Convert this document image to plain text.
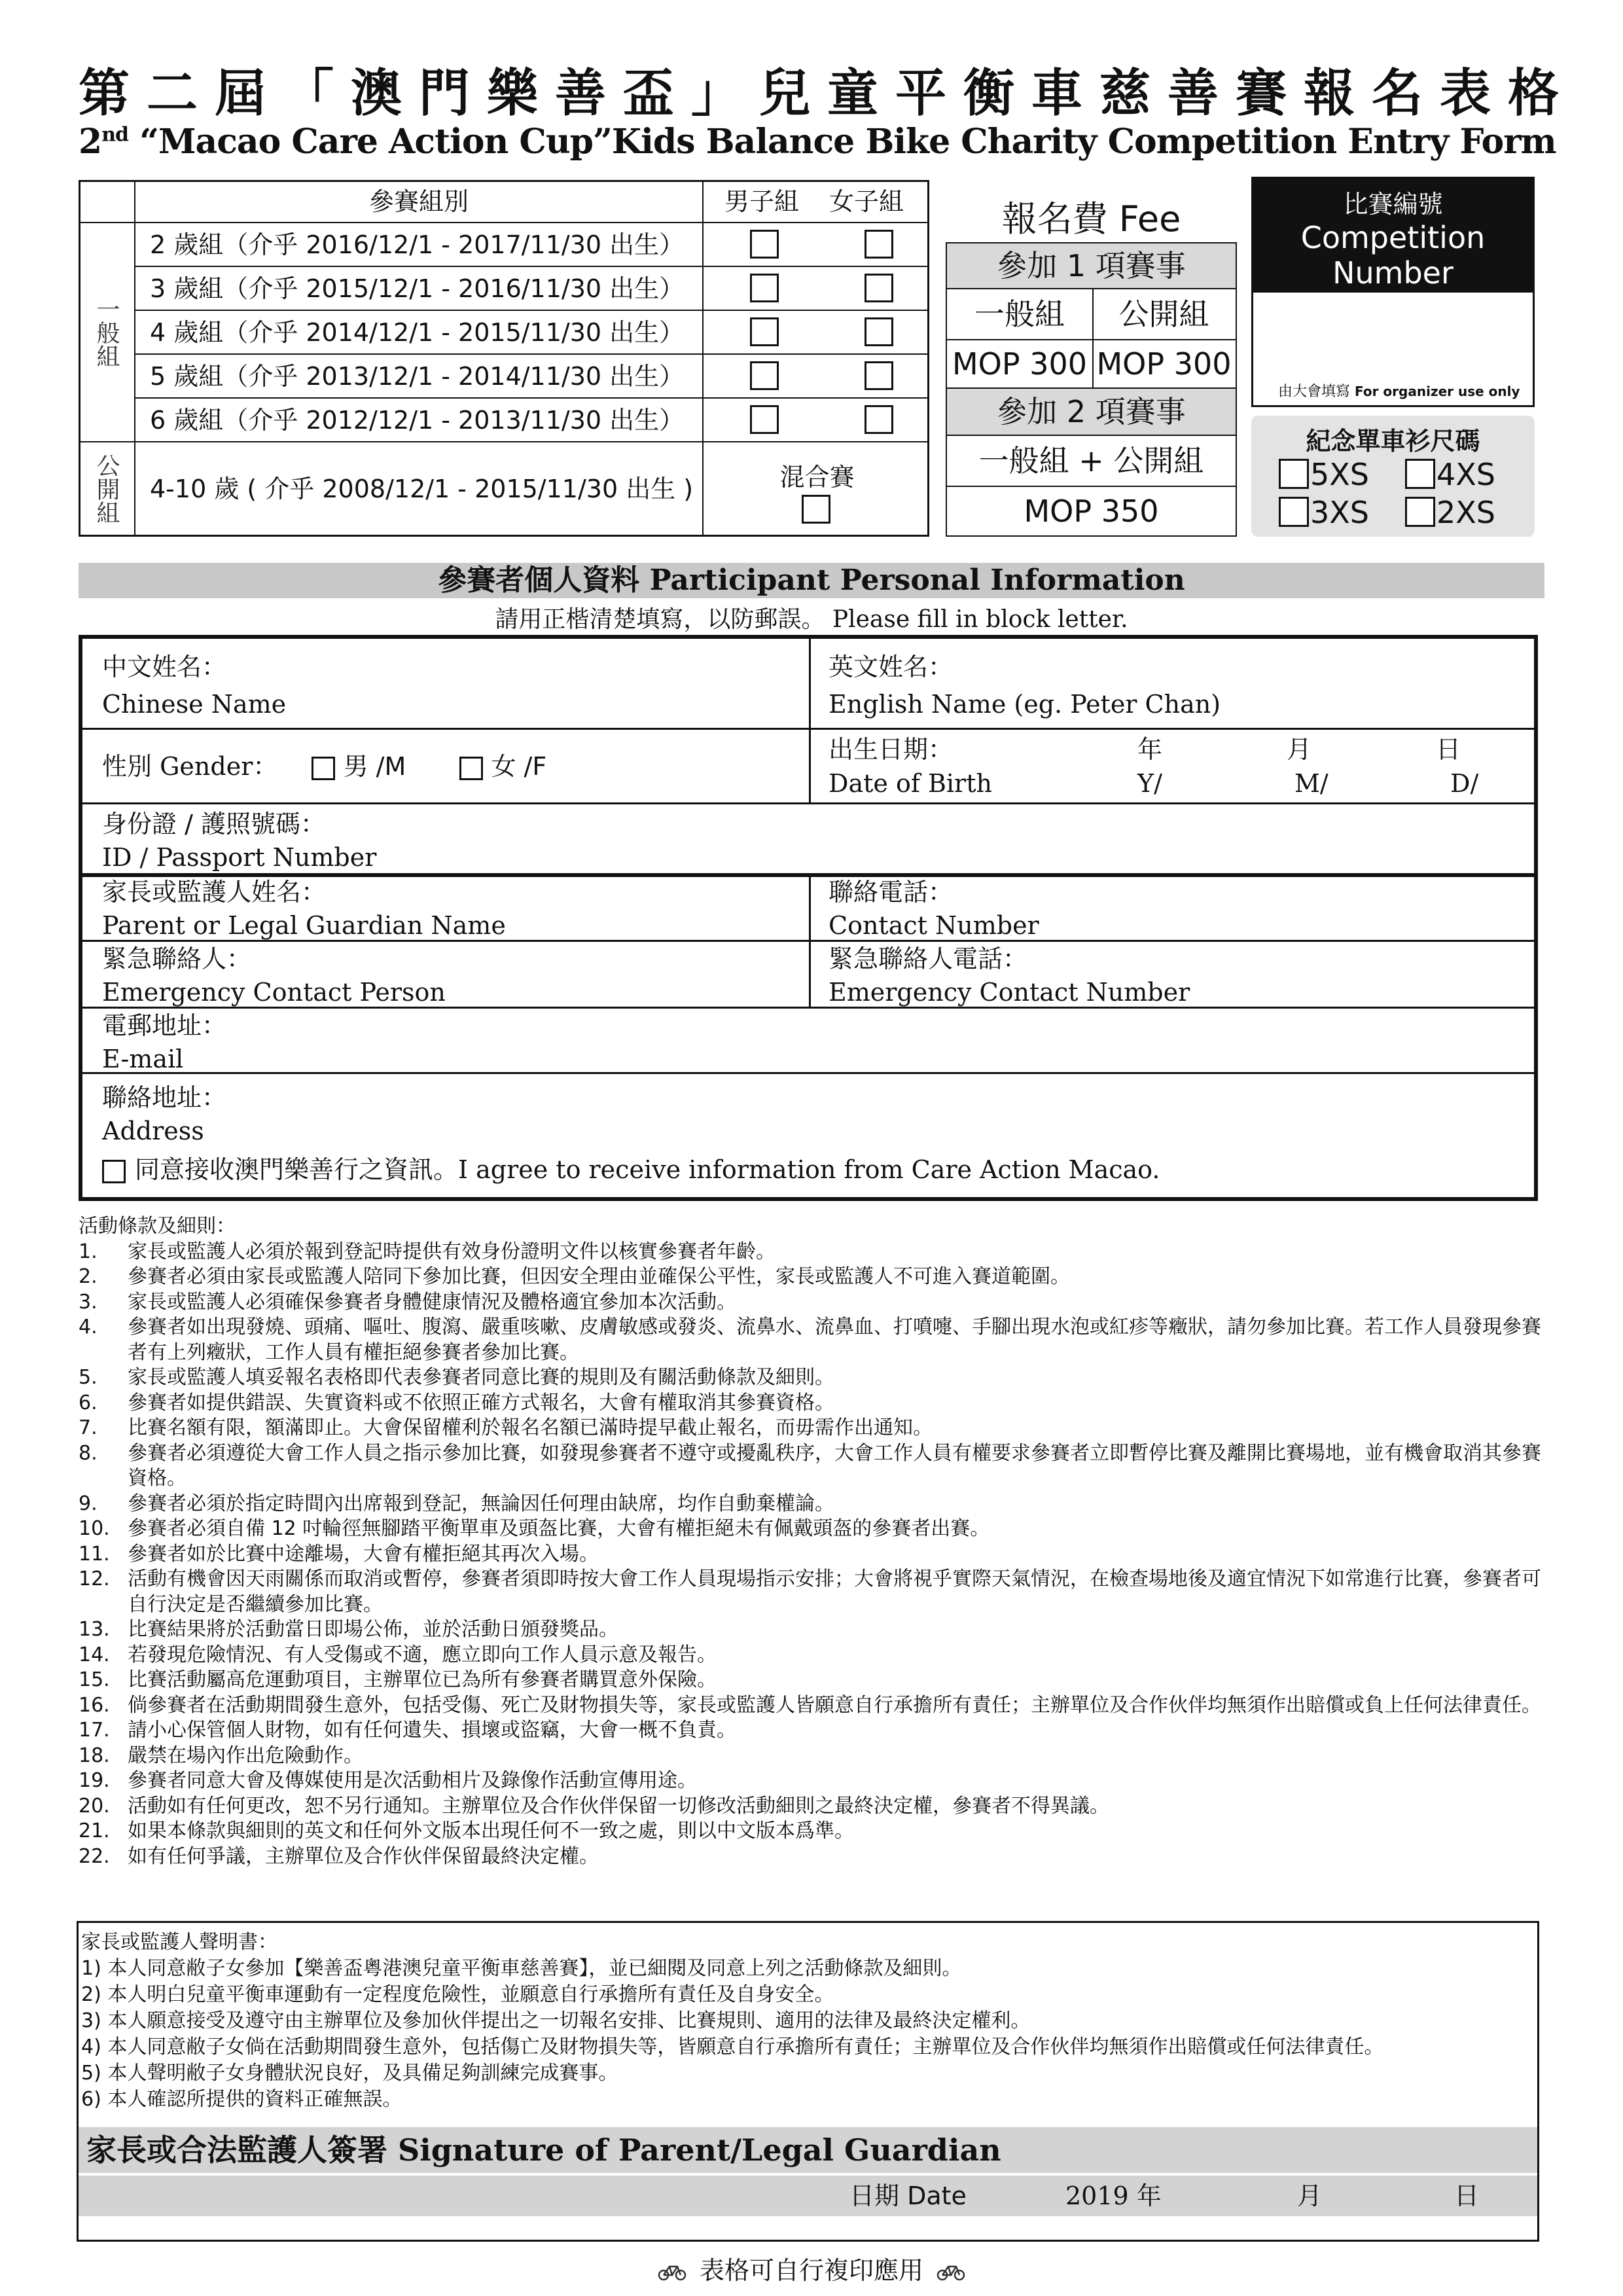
第二屆「澳門樂善盃」兒童平衡車慈善賽報名表格
2nd “Macao Care Action Cup”Kids Balance Bike Charity Competition Entry Form
參賽組別	男子組 女子組
一般組
2 歲組（介乎 2016/12/1 - 2017/11/30 出生）
3 歲組（介乎 2015/12/1 - 2016/11/30 出生）
4 歲組（介乎 2014/12/1 - 2015/11/30 出生）
5 歲組（介乎 2013/12/1 - 2014/11/30 出生）
6 歲組（介乎 2012/12/1 - 2013/11/30 出生）
公開組	4-10 歲 ( 介乎 2008/12/1 - 2015/11/30 出生 )	混合賽
報名費 Fee
參加 1 項賽事
一般組	公開組
MOP 300 MOP 300
參加 2 項賽事
一般組 + 公開組
MOP 350
比賽編號
Competition
Number
由大會填寫 For organizer use only
紀念單車衫尺碼
5XS	4XS
3XS	2XS
參賽者個人資料 Participant Personal Information
請用正楷清楚填寫，以防郵誤。 Please fill in block letter.
中文姓名：
Chinese Name
英文姓名：
English Name (eg. Peter Chan)
性別 Gender：	男 /M	女 /F
出生日期：
Date of Birth
年	月	日
Y/	M/	D/
身份證 / 護照號碼：
ID / Passport Number
家長或監護人姓名：
Parent or Legal Guardian Name
聯絡電話：
Contact Number
緊急聯絡人：
Emergency Contact Person
緊急聯絡人電話：
Emergency Contact Number
電郵地址：
E-mail
聯絡地址：
Address
同意接收澳門樂善行之資訊。I agree to receive information from Care Action Macao.
活動條款及細則：
1. 家長或監護人必須於報到登記時提供有效身份證明文件以核實參賽者年齡。
2. 參賽者必須由家長或監護人陪同下參加比賽，但因安全理由並確保公平性，家長或監護人不可進入賽道範圍。
3. 家長或監護人必須確保參賽者身體健康情況及體格適宜參加本次活動。
4. 參賽者如出現發燒、頭痛、嘔吐、腹瀉、嚴重咳嗽、皮膚敏感或發炎、流鼻水、流鼻血、打噴嚏、手腳出現水泡或紅疹等癥狀，請勿參加比賽。若工作人員發現參賽者有上列癥狀，工作人員有權拒絕參賽者參加比賽。
5. 家長或監護人填妥報名表格即代表參賽者同意比賽的規則及有關活動條款及細則。
6. 參賽者如提供錯誤、失實資料或不依照正確方式報名，大會有權取消其參賽資格。
7. 比賽名額有限，額滿即止。大會保留權利於報名名額已滿時提早截止報名，而毋需作出通知。
8. 參賽者必須遵從大會工作人員之指示參加比賽，如發現參賽者不遵守或擾亂秩序，大會工作人員有權要求參賽者立即暫停比賽及離開比賽場地，並有機會取消其參賽資格。
9. 參賽者必須於指定時間內出席報到登記，無論因任何理由缺席，均作自動棄權論。
10. 參賽者必須自備 12 吋輪徑無腳踏平衡單車及頭盔比賽，大會有權拒絕未有佩戴頭盔的參賽者出賽。
11. 參賽者如於比賽中途離場，大會有權拒絕其再次入場。
12. 活動有機會因天雨關係而取消或暫停，參賽者須即時按大會工作人員現場指示安排；大會將視乎實際天氣情況，在檢查場地後及適宜情況下如常進行比賽，參賽者可自行決定是否繼續參加比賽。
13. 比賽結果將於活動當日即場公佈，並於活動日頒發獎品。
14. 若發現危險情況、有人受傷或不適，應立即向工作人員示意及報告。
15. 比賽活動屬高危運動項目，主辦單位已為所有參賽者購買意外保險。
16. 倘參賽者在活動期間發生意外，包括受傷、死亡及財物損失等，家長或監護人皆願意自行承擔所有責任；主辦單位及合作伙伴均無須作出賠償或負上任何法律責任。
17. 請小心保管個人財物，如有任何遺失、損壞或盜竊，大會一概不負責。
18. 嚴禁在場內作出危險動作。
19. 參賽者同意大會及傳媒使用是次活動相片及錄像作活動宣傳用途。
20. 活動如有任何更改，恕不另行通知。主辦單位及合作伙伴保留一切修改活動細則之最終決定權，參賽者不得異議。
21. 如果本條款與細則的英文和任何外文版本出現任何不一致之處，則以中文版本爲準。
22. 如有任何爭議，主辦單位及合作伙伴保留最終決定權。
家長或監護人聲明書：
1) 本人同意敝子女參加【樂善盃粵港澳兒童平衡車慈善賽】，並已細閱及同意上列之活動條款及細則。
2) 本人明白兒童平衡車運動有一定程度危險性，並願意自行承擔所有責任及自身安全。
3) 本人願意接受及遵守由主辦單位及參加伙伴提出之一切報名安排、比賽規則、適用的法律及最終決定權利。
4) 本人同意敝子女倘在活動期間發生意外，包括傷亡及財物損失等，皆願意自行承擔所有責任；主辦單位及合作伙伴均無須作出賠償或任何法律責任。
5) 本人聲明敝子女身體狀況良好，及具備足夠訓練完成賽事。
6) 本人確認所提供的資料正確無誤。
家長或合法監護人簽署 Signature of Parent/Legal Guardian
日期 Date	2019 年	月	日
表格可自行複印應用
